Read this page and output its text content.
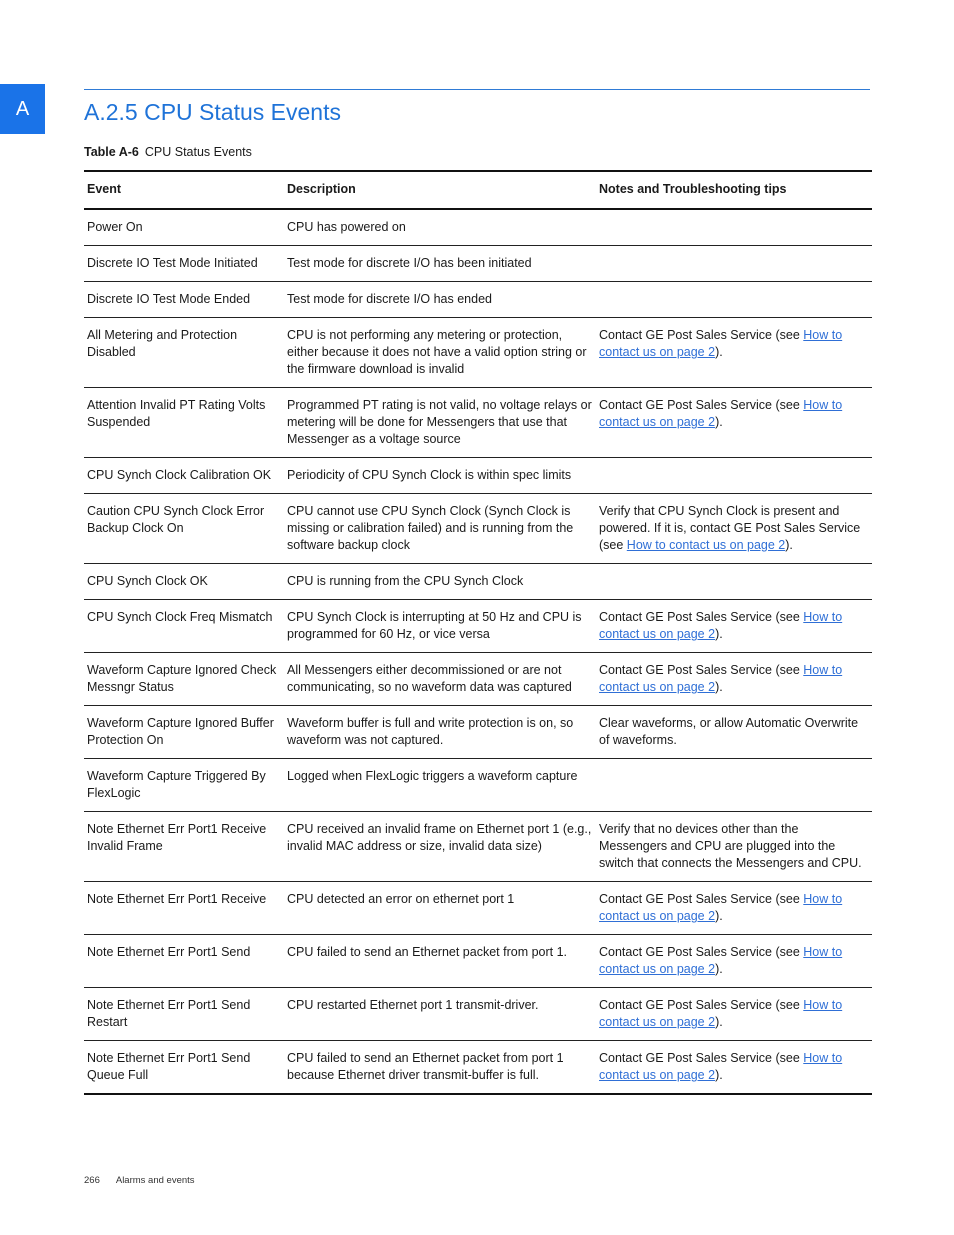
A	A.2.5 CPU Status Events
Table A-6 CPU Status Events
Event	Description	Notes and Troubleshooting tips
Power On	CPU has powered on	
Discrete IO Test Mode Initiated	Test mode for discrete I/O has been initiated	
Discrete IO Test Mode Ended	Test mode for discrete I/O has ended	
All Metering and Protection Disabled	CPU is not performing any metering or protection, either because it does not have a valid option string or the firmware download is invalid	Contact GE Post Sales Service (see How to contact us on page 2).
Attention Invalid PT Rating Volts Suspended	Programmed PT rating is not valid, no voltage relays or metering will be done for Messengers that use that Messenger as a voltage source	Contact GE Post Sales Service (see How to contact us on page 2).
CPU Synch Clock Calibration OK	Periodicity of CPU Synch Clock is within spec limits	
Caution CPU Synch Clock Error Backup Clock On	CPU cannot use CPU Synch Clock (Synch Clock is missing or calibration failed) and is running from the software backup clock	Verify that CPU Synch Clock is present and powered. If it is, contact GE Post Sales Service (see How to contact us on page 2).
CPU Synch Clock OK	CPU is running from the CPU Synch Clock	
CPU Synch Clock Freq Mismatch	CPU Synch Clock is interrupting at 50 Hz and CPU is programmed for 60 Hz, or vice versa	Contact GE Post Sales Service (see How to contact us on page 2).
Waveform Capture Ignored Check Messngr Status	All Messengers either decommissioned or are not communicating, so no waveform data was captured	Contact GE Post Sales Service (see How to contact us on page 2).
Waveform Capture Ignored Buffer Protection On	Waveform buffer is full and write protection is on, so waveform was not captured.	Clear waveforms, or allow Automatic Overwrite of waveforms.
Waveform Capture Triggered By FlexLogic	Logged when FlexLogic triggers a waveform capture	
Note Ethernet Err Port1 Receive Invalid Frame	CPU received an invalid frame on Ethernet port 1 (e.g., invalid MAC address or size, invalid data size)	Verify that no devices other than the Messengers and CPU are plugged into the switch that connects the Messengers and CPU.
Note Ethernet Err Port1 Receive	CPU detected an error on ethernet port 1	Contact GE Post Sales Service (see How to contact us on page 2).
Note Ethernet Err Port1 Send	CPU failed to send an Ethernet packet from port 1.	Contact GE Post Sales Service (see How to contact us on page 2).
Note Ethernet Err Port1 Send Restart	CPU restarted Ethernet port 1 transmit-driver.	Contact GE Post Sales Service (see How to contact us on page 2).
Note Ethernet Err Port1 Send Queue Full	CPU failed to send an Ethernet packet from port 1 because Ethernet driver transmit-buffer is full.	Contact GE Post Sales Service (see How to contact us on page 2).
266 Alarms and events
